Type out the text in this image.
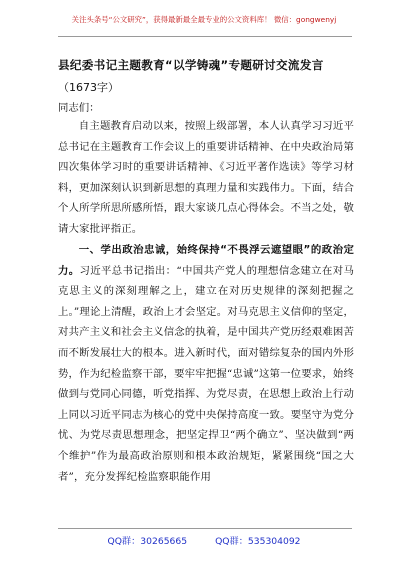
关注头条号“公文研究”，获得最新最全最专业的公文资料库！ 微信：gongwenyj
县纪委书记主题教育“以学铸魂”专题研讨交流发言
（1673字）
同志们：
自主题教育启动以来，按照上级部署，本人认真学习习近平总书记在主题教育工作会议上的重要讲话精神、在中央政治局第四次集体学习时的重要讲话精神、《习近平著作选读》等学习材料，更加深刻认识到新思想的真理力量和实践伟力。下面，结合个人所学所思所感所悟，跟大家谈几点心得体会。不当之处，敬请大家批评指正。
一、学出政治忠诚，始终保持“不畏浮云遮望眼”的政治定力。习近平总书记指出：“中国共产党人的理想信念建立在对马克思主义的深刻理解之上，建立在对历史规律的深刻把握之上。”理论上清醒，政治上才会坚定。对马克思主义信仰的坚定，对共产主义和社会主义信念的执着，是中国共产党历经艰难困苦而不断发展壮大的根本。进入新时代，面对错综复杂的国内外形势，作为纪检监察干部，要牢牢把握“忠诚”这第一位要求，始终做到与党同心同德，听党指挥、为党尽责，在思想上政治上行动上同以习近平同志为核心的党中央保持高度一致。要坚守为党分忧、为党尽责思想理念，把坚定捍卫“两个确立”、坚决做到“两个维护”作为最高政治原则和根本政治规矩，紧紧围绕“国之大者”，充分发挥纪检监察职能作用
QQ群：30265665	QQ群：535304092
